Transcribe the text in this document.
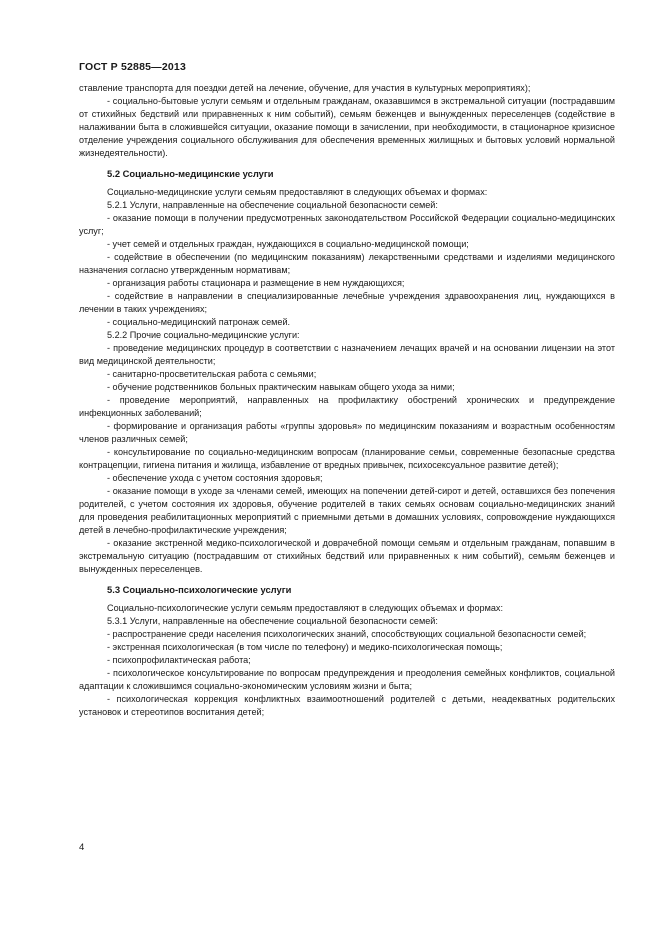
ГОСТ Р 52885—2013

ставление транспорта для поездки детей на лечение, обучение, для участия в культурных мероприятиях);

- социально-бытовые услуги семьям и отдельным гражданам, оказавшимся в экстремальной ситуации (пострадавшим от стихийных бедствий или приравненных к ним событий), семьям беженцев и вынужденных переселенцев (содействие в налаживании быта в сложившейся ситуации, оказание помощи в зачислении, при необходимости, в стационарное кризисное отделение учреждения социального обслуживания для обеспечения временных жилищных и бытовых условий нормальной жизнедеятельности).

5.2 Социально-медицинские услуги

Социально-медицинские услуги семьям предоставляют в следующих объемах и формах:

5.2.1 Услуги, направленные на обеспечение социальной безопасности семей:

- оказание помощи в получении предусмотренных законодательством Российской Федерации социально-медицинских услуг;

- учет семей и отдельных граждан, нуждающихся в социально-медицинской помощи;

- содействие в обеспечении (по медицинским показаниям) лекарственными средствами и изделиями медицинского назначения согласно утвержденным нормативам;

- организация работы стационара и размещение в нем нуждающихся;

- содействие в направлении в специализированные лечебные учреждения здравоохранения лиц, нуждающихся в лечении в таких учреждениях;

- социально-медицинский патронаж семей.

5.2.2 Прочие социально-медицинские услуги:

- проведение медицинских процедур в соответствии с назначением лечащих врачей и на основании лицензии на этот вид медицинской деятельности;

- санитарно-просветительская работа с семьями;

- обучение родственников больных практическим навыкам общего ухода за ними;

- проведение мероприятий, направленных на профилактику обострений хронических и предупреждение инфекционных заболеваний;

- формирование и организация работы «группы здоровья» по медицинским показаниям и возрастным особенностям членов различных семей;

- консультирование по социально-медицинским вопросам (планирование семьи, современные безопасные средства контрацепции, гигиена питания и жилища, избавление от вредных привычек, психосексуальное развитие детей);

- обеспечение ухода с учетом состояния здоровья;

- оказание помощи в уходе за членами семей, имеющих на попечении детей-сирот и детей, оставшихся без попечения родителей, с учетом состояния их здоровья, обучение родителей в таких семьях основам социально-медицинских знаний для проведения реабилитационных мероприятий с приемными детьми в домашних условиях, сопровождение нуждающихся детей в лечебно-профилактические учреждения;

- оказание экстренной медико-психологической и доврачебной помощи семьям и отдельным гражданам, попавшим в экстремальную ситуацию (пострадавшим от стихийных бедствий или приравненных к ним событий), семьям беженцев и вынужденных переселенцев.

5.3 Социально-психологические услуги

Социально-психологические услуги семьям предоставляют в следующих объемах и формах:

5.3.1 Услуги, направленные на обеспечение социальной безопасности семей:

- распространение среди населения психологических знаний, способствующих социальной безопасности семей;

- экстренная психологическая (в том числе по телефону) и медико-психологическая помощь;

- психопрофилактическая работа;

- психологическое консультирование по вопросам предупреждения и преодоления семейных конфликтов, социальной адаптации к сложившимся социально-экономическим условиям жизни и быта;

- психологическая коррекция конфликтных взаимоотношений родителей с детьми, неадекватных родительских установок и стереотипов воспитания детей;

4
